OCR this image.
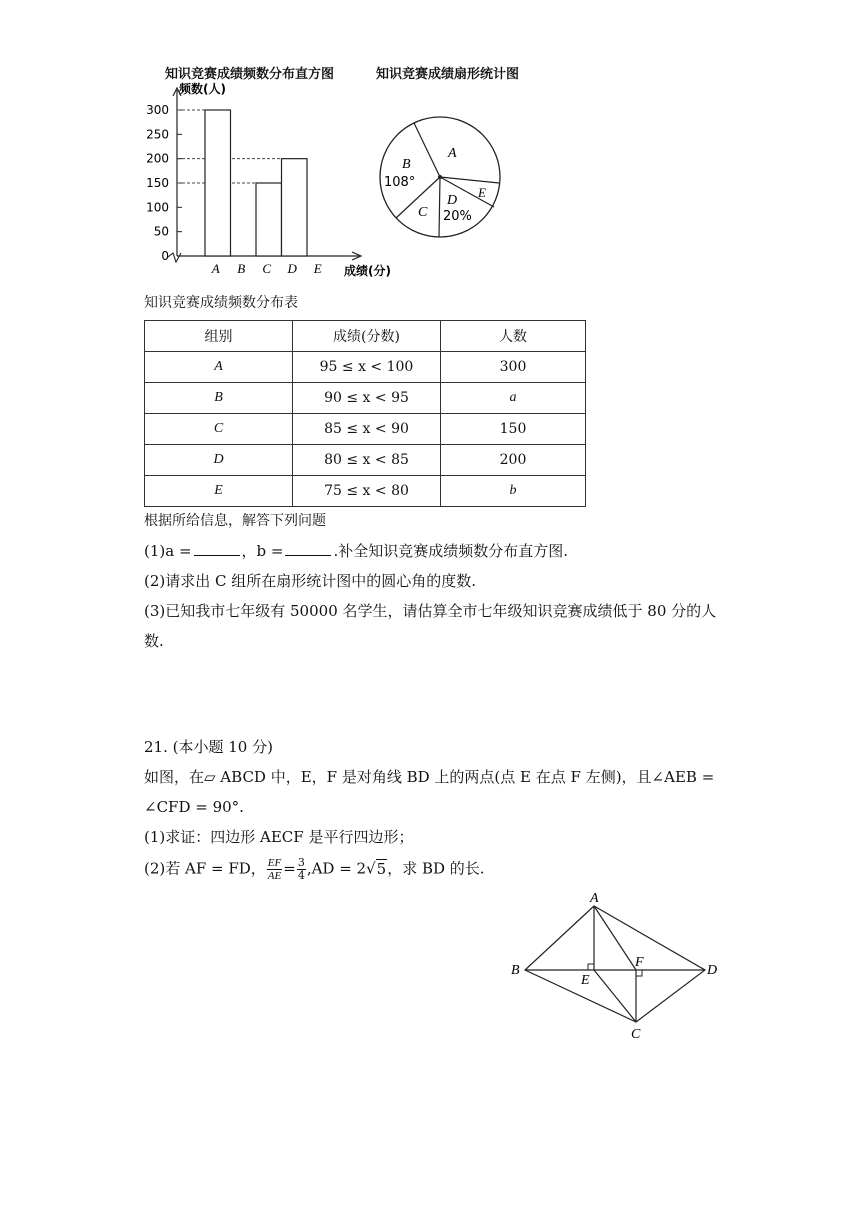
知识竞赛成绩频数分布直方图	知识竞赛成绩扇形统计图
0
50
100
150
200
250
300
A B C D E
频数(人)
成绩(分)
A
B
108°
C
D
20%
E
知识竞赛成绩频数分布表
组别	成绩(分数)	人数
A	95 ≤ x < 100	300
B	90 ≤ x < 95	a
C	85 ≤ x < 90	150
D	80 ≤ x < 85	200
E	75 ≤ x < 80	b
根据所给信息，解答下列问题
(1)a =	，b =	.补全知识竞赛成绩频数分布直方图.
(2)请求出 C 组所在扇形统计图中的圆心角的度数.
(3)已知我市七年级有 50000 名学生，请估算全市七年级知识竞赛成绩低于 80 分的人
数.
21. (本小题 10 分)
如图，在▱ ABCD 中，E，F 是对角线 BD 上的两点(点 E 在点 F 左侧)，且∠AEB =
∠CFD = 90°.
(1)求证：四边形 AECF 是平行四边形；
(2)若 AF = FD， $\frac{EF}{AE} = \frac{3}{4} ,AD = 2√5$，求 BD 的长.
A
B
C
D
E
F
